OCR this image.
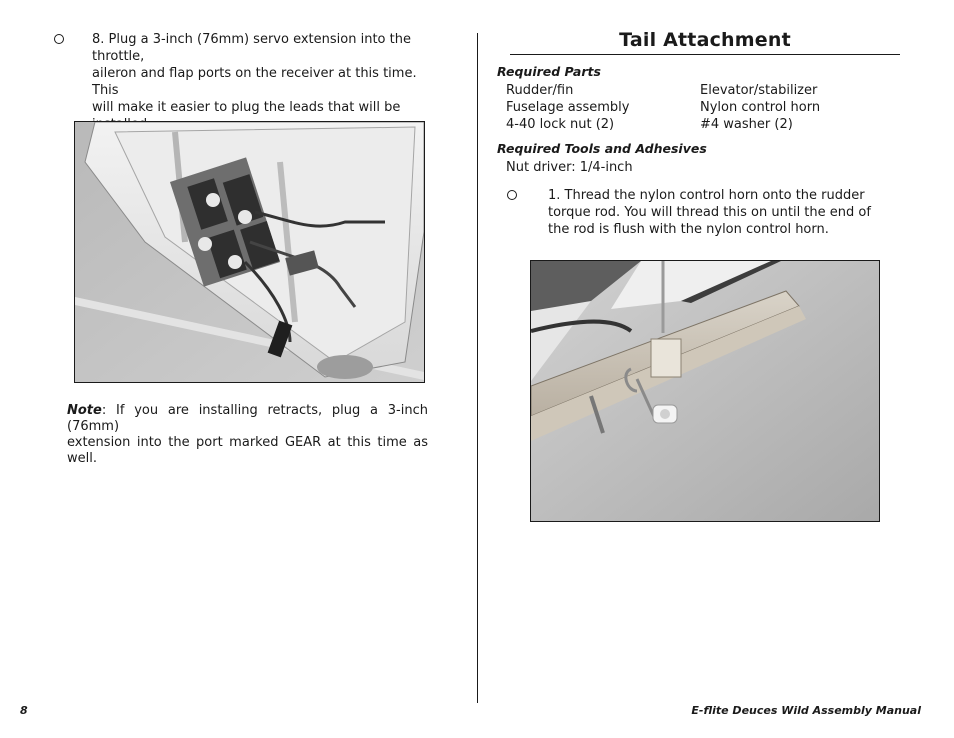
8. Plug a 3-inch (76mm) servo extension into the throttle,
aileron and flap ports on the receiver at this time. This
will make it easier to plug the leads that will be
Note: If you are installing retracts, plug a 3-inch (76mm)
extension into the port marked GEAR at this time as well.
Tail Attachment
Required Parts
Rudder/fin	Elevator/stabilizer
Fuselage assembly	Nylon control horn
4-40 lock nut (2)	#4 washer (2)
Required Tools and Adhesives
Nut driver: 1/4-inch
1. Thread the nylon control horn onto the rudder
torque rod. You will thread this on until the end of
the rod is flush with the nylon control horn.
8	E-flite Deuces Wild Assembly Manual
